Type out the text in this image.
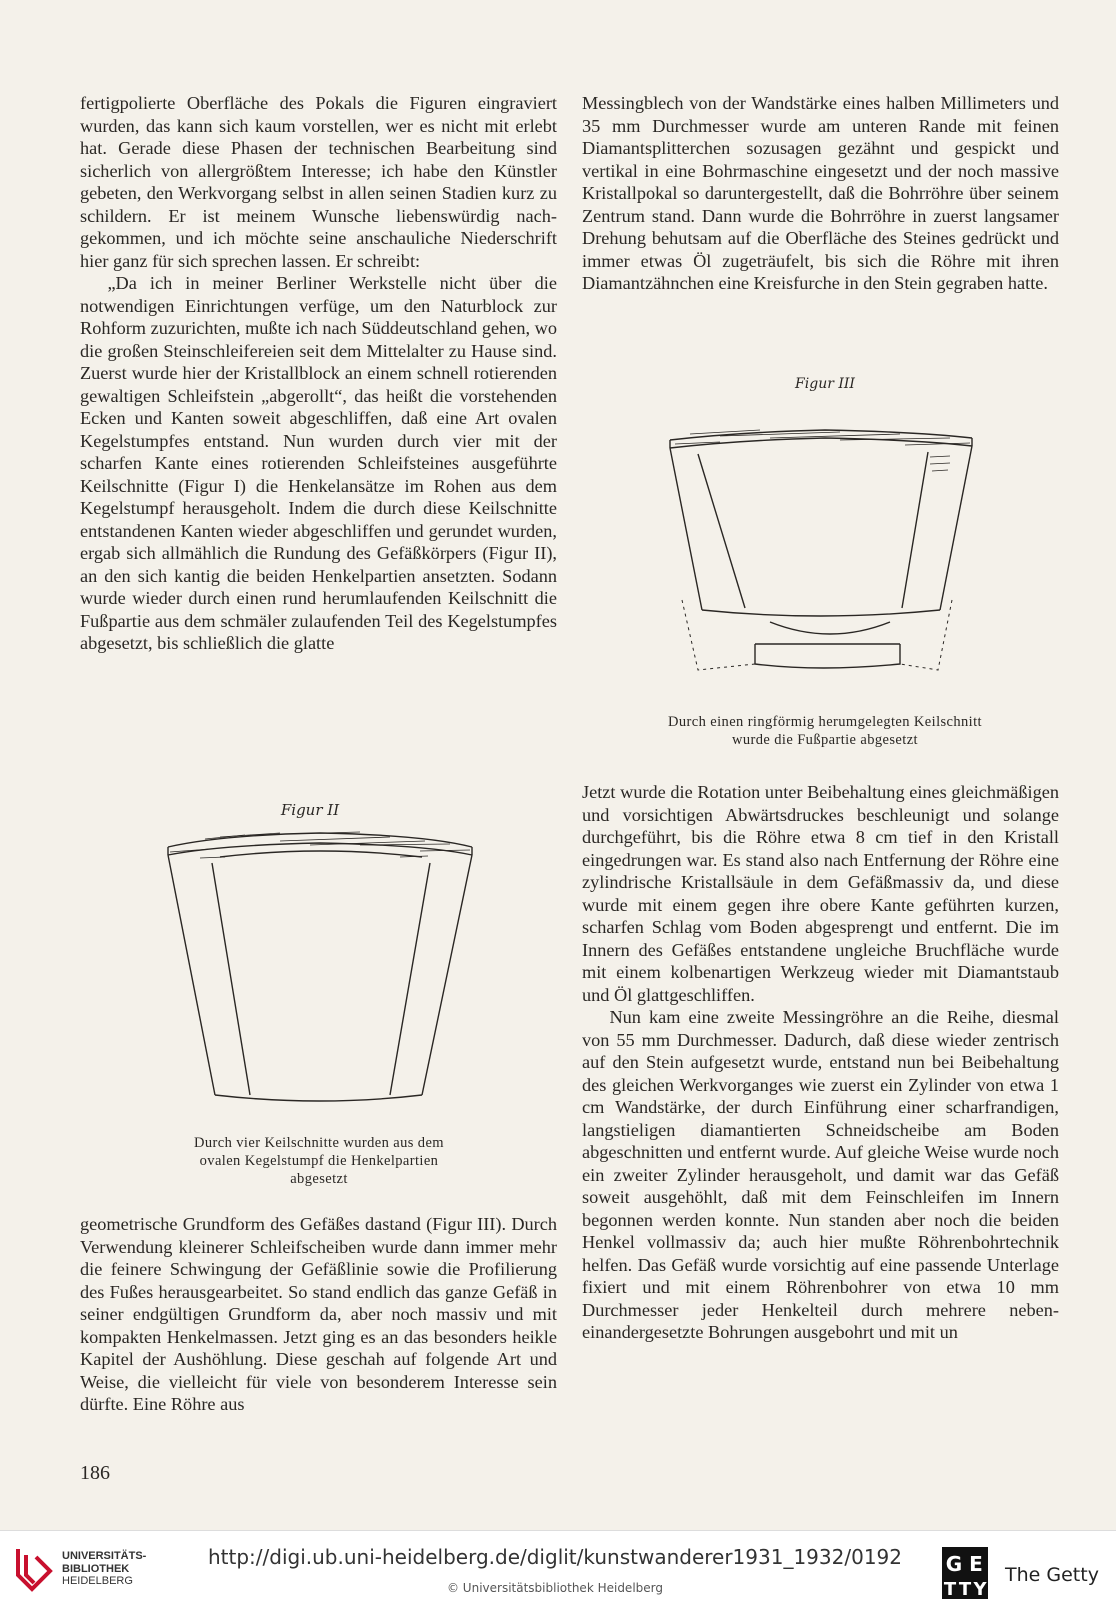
fertigpolierte Oberfläche des Pokals die Figuren eingraviert wurden, das kann sich kaum vorstellen, wer es nicht mit erlebt hat. Gerade diese Phasen der technischen Bearbeitung sind sicherlich von allergrößtem Interesse; ich habe den Künstler gebeten, den Werkvorgang selbst in allen seinen Stadien kurz zu schildern. Er ist meinem Wunsche liebenswürdig nachgekommen, und ich möchte seine anschauliche Niederschrift hier ganz für sich sprechen lassen. Er schreibt:

„Da ich in meiner Berliner Werkstelle nicht über die notwendigen Einrichtungen verfüge, um den Naturblock zur Rohform zuzurichten, mußte ich nach Süddeutschland gehen, wo die großen Steinschleifereien seit dem Mittelalter zu Hause sind. Zuerst wurde hier der Kristallblock an einem schnell rotierenden gewaltigen Schleifstein „abgerollt“, das heißt die vorstehenden Ecken und Kanten soweit abgeschliffen, daß eine Art ovalen Kegelstumpfes entstand. Nun wurden durch vier mit der scharfen Kante eines rotierenden Schleifsteines ausgeführte Keilschnitte (Figur I) die Henkelansätze im Rohen aus dem Kegelstumpf herausgeholt. Indem die durch diese Keilschnitte entstandenen Kanten wieder abgeschliffen und gerundet wurden, ergab sich allmählich die Rundung des Gefäßkörpers (Figur II), an den sich kantig die beiden Henkelpartien ansetzten. Sodann wurde wieder durch einen rund herumlaufenden Keilschnitt die Fußpartie aus dem schmäler zulaufenden Teil des Kegelstumpfes abgesetzt, bis schließlich die glatte

Figur II
Durch vier Keilschnitte wurden aus dem ovalen Kegelstumpf die Henkelpartien abgesetzt

geometrische Grundform des Gefäßes dastand (Figur III). Durch Verwendung kleinerer Schleifscheiben wurde dann immer mehr die feinere Schwingung der Gefäßlinie sowie die Profilierung des Fußes herausgearbeitet. So stand endlich das ganze Gefäß in seiner endgültigen Grundform da, aber noch massiv und mit kompakten Henkelmassen. Jetzt ging es an das besonders heikle Kapitel der Aushöhlung. Diese geschah auf folgende Art und Weise, die vielleicht für viele von besonderem Interesse sein dürfte. Eine Röhre aus

Messingblech von der Wandstärke eines halben Millimeters und 35 mm Durchmesser wurde am unteren Rande mit feinen Diamantsplitterchen sozusagen gezähnt und gespickt und vertikal in eine Bohrmaschine eingesetzt und der noch massive Kristallpokal so daruntergestellt, daß die Bohrröhre über seinem Zentrum stand. Dann wurde die Bohrröhre in zuerst langsamer Drehung behutsam auf die Oberfläche des Steines gedrückt und immer etwas Öl zugeträufelt, bis sich die Röhre mit ihren Diamantzähnchen eine Kreisfurche in den Stein gegraben hatte.

Figur III
Durch einen ringförmig herumgelegten Keilschnitt wurde die Fußpartie abgesetzt

Jetzt wurde die Rotation unter Beibehaltung eines gleichmäßigen und vorsichtigen Abwärtsdruckes beschleunigt und solange durchgeführt, bis die Röhre etwa 8 cm tief in den Kristall eingedrungen war. Es stand also nach Entfernung der Röhre eine zylindrische Kristallsäule in dem Gefäßmassiv da, und diese wurde mit einem gegen ihre obere Kante geführten kurzen, scharfen Schlag vom Boden abgesprengt und entfernt. Die im Innern des Gefäßes entstandene ungleiche Bruchfläche wurde mit einem kolbenartigen Werkzeug wieder mit Diamantstaub und Öl glattgeschliffen.

Nun kam eine zweite Messingröhre an die Reihe, diesmal von 55 mm Durchmesser. Dadurch, daß diese wieder zentrisch auf den Stein aufgesetzt wurde, entstand nun bei Beibehaltung des gleichen Werkvorganges wie zuerst ein Zylinder von etwa 1 cm Wandstärke, der durch Einführung einer scharfrandigen, langstieligen diamantierten Schneidscheibe am Boden abgeschnitten und entfernt wurde. Auf gleiche Weise wurde noch ein zweiter Zylinder herausgeholt, und damit war das Gefäß soweit ausgehöhlt, daß mit dem Feinschleifen im Innern begonnen werden konnte. Nun standen aber noch die beiden Henkel vollmassiv da; auch hier mußte Röhrenbohrtechnik helfen. Das Gefäß wurde vorsichtig auf eine passende Unterlage fixiert und mit einem Röhrenbohrer von etwa 10 mm Durchmesser jeder Henkelteil durch mehrere nebeneinandergesetzte Bohrungen ausgebohrt und mit un

186
UNIVERSITÄTS-
BIBLIOTHEK
HEIDELBERG
http://digi.ub.uni-heidelberg.de/diglit/kunstwanderer1931_1932/0192
© Universitätsbibliothek Heidelberg
G E
T T Y
The Getty
